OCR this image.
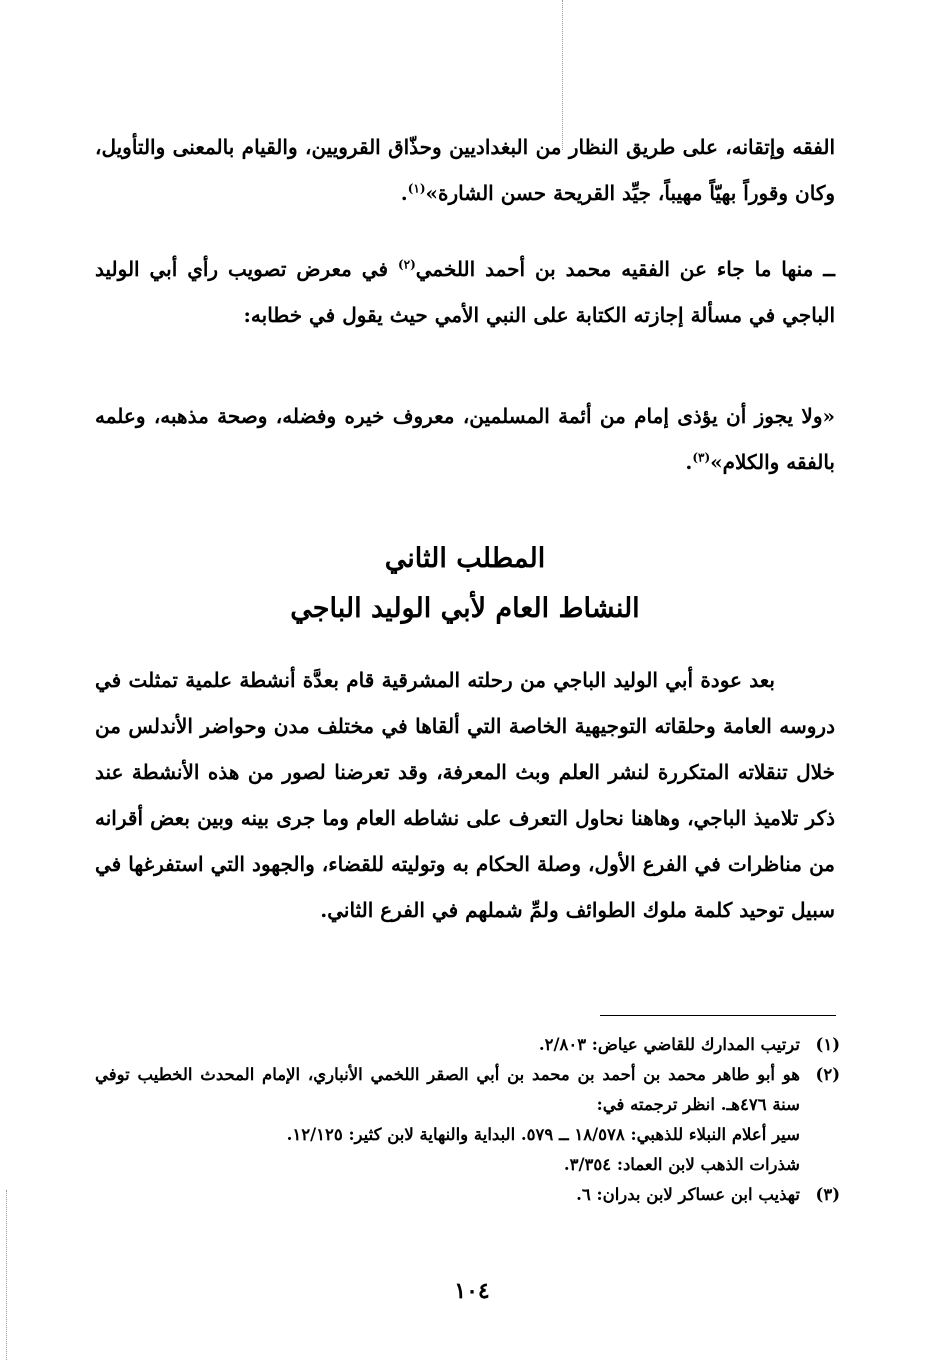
الفقه وإتقانه، على طريق النظار من البغداديين وحذّاق القرويين، والقيام بالمعنى والتأويل، وكان وقوراً بهيّاً مهيباً، جيِّد القريحة حسن الشارة»$^{(١)}$.
ــ منها ما جاء عن الفقيه محمد بن أحمد اللخمي$^{(٢)}$ في معرض تصويب رأي أبي الوليد الباجي في مسألة إجازته الكتابة على النبي الأمي حيث يقول في خطابه:
«ولا يجوز أن يؤذى إمام من أئمة المسلمين، معروف خيره وفضله، وصحة مذهبه، وعلمه بالفقه والكلام»$^{(٣)}$.
المطلب الثاني
النشاط العام لأبي الوليد الباجي
بعد عودة أبي الوليد الباجي من رحلته المشرقية قام بعدَّة أنشطة علمية تمثلت في دروسه العامة وحلقاته التوجيهية الخاصة التي ألقاها في مختلف مدن وحواضر الأندلس من خلال تنقلاته المتكررة لنشر العلم وبث المعرفة، وقد تعرضنا لصور من هذه الأنشطة عند ذكر تلاميذ الباجي، وهاهنا نحاول التعرف على نشاطه العام وما جرى بينه وبين بعض أقرانه من مناظرات في الفرع الأول، وصلة الحكام به وتوليته للقضاء، والجهود التي استفرغها في سبيل توحيد كلمة ملوك الطوائف ولمِّ شملهم في الفرع الثاني.
(١)
ترتيب المدارك للقاضي عياض: ٢/٨٠٣.
(٢)
هو أبو طاهر محمد بن أحمد بن محمد بن أبي الصقر اللخمي الأنباري، الإمام المحدث الخطيب توفي سنة ٤٧٦هـ. انظر ترجمته في:
سير أعلام النبلاء للذهبي: ١٨/٥٧٨ ــ ٥٧٩. البداية والنهاية لابن كثير: ١٢/١٢٥.
شذرات الذهب لابن العماد: ٣/٣٥٤.
(٣)
تهذيب ابن عساكر لابن بدران: ٦.
١٠٤
